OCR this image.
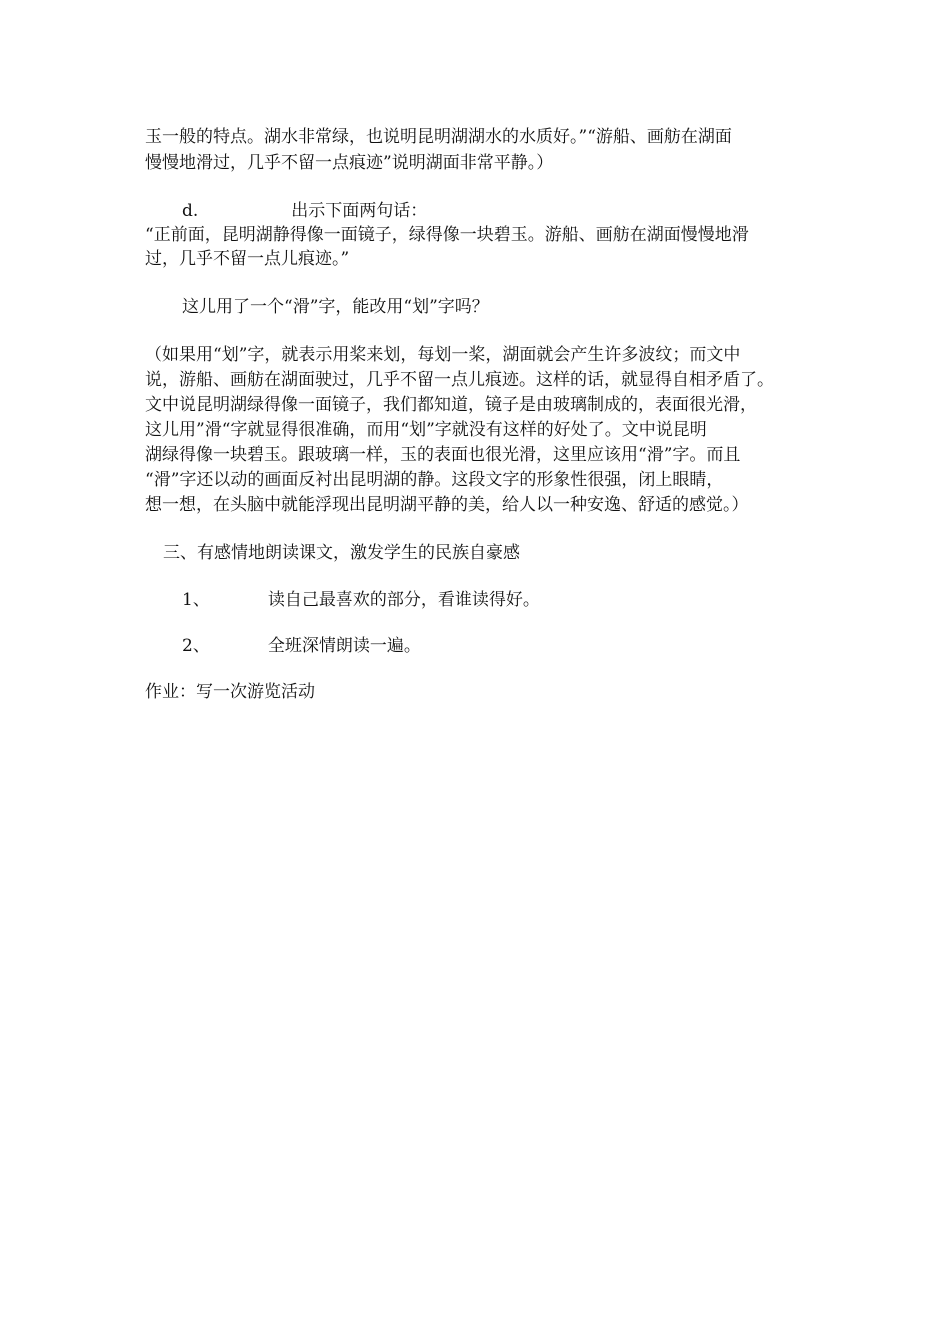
玉一般的特点。湖水非常绿，也说明昆明湖湖水的水质好。”“游船、画舫在湖面
慢慢地滑过，几乎不留一点痕迹”说明湖面非常平静。）
d.	出示下面两句话：
“正前面，昆明湖静得像一面镜子，绿得像一块碧玉。游船、画舫在湖面慢慢地滑
过，几乎不留一点儿痕迹。”
这儿用了一个“滑”字，能改用“划”字吗？
（如果用“划”字，就表示用桨来划，每划一桨，湖面就会产生许多波纹；而文中
说，游船、画舫在湖面驶过，几乎不留一点儿痕迹。这样的话，就显得自相矛盾了。
文中说昆明湖绿得像一面镜子，我们都知道，镜子是由玻璃制成的，表面很光滑，
这儿用”滑“字就显得很准确，而用“划”字就没有这样的好处了。文中说昆明
湖绿得像一块碧玉。跟玻璃一样，玉的表面也很光滑，这里应该用“滑”字。而且
“滑”字还以动的画面反衬出昆明湖的静。这段文字的形象性很强，闭上眼睛，
想一想，在头脑中就能浮现出昆明湖平静的美，给人以一种安逸、舒适的感觉。）
三、有感情地朗读课文，激发学生的民族自豪感
1、	读自己最喜欢的部分，看谁读得好。
2、	全班深情朗读一遍。
作业：写一次游览活动
